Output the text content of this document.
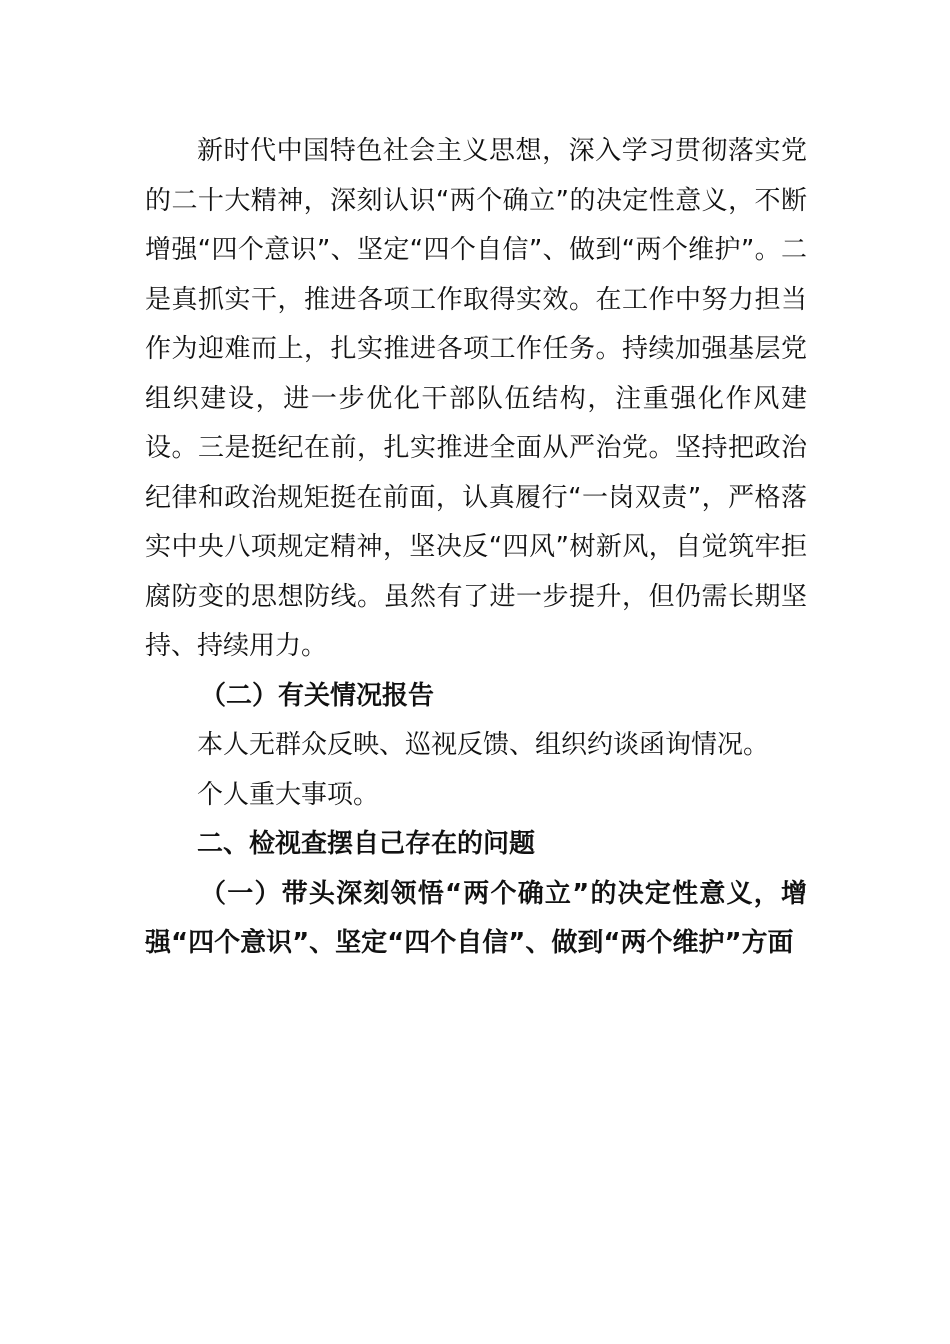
新时代中国特色社会主义思想，深入学习贯彻落实党的二十大精神，深刻认识“两个确立”的决定性意义，不断增强“四个意识”、坚定“四个自信”、做到“两个维护”。二是真抓实干，推进各项工作取得实效。在工作中努力担当作为迎难而上，扎实推进各项工作任务。持续加强基层党组织建设，进一步优化干部队伍结构，注重强化作风建设。三是挺纪在前，扎实推进全面从严治党。坚持把政治纪律和政治规矩挺在前面，认真履行“一岗双责”，严格落实中央八项规定精神，坚决反“四风”树新风，自觉筑牢拒腐防变的思想防线。虽然有了进一步提升，但仍需长期坚持、持续用力。

（二）有关情况报告

本人无群众反映、巡视反馈、组织约谈函询情况。

个人重大事项。

二、检视查摆自己存在的问题

（一）带头深刻领悟“两个确立”的决定性意义，增强“四个意识”、坚定“四个自信”、做到“两个维护”方面
